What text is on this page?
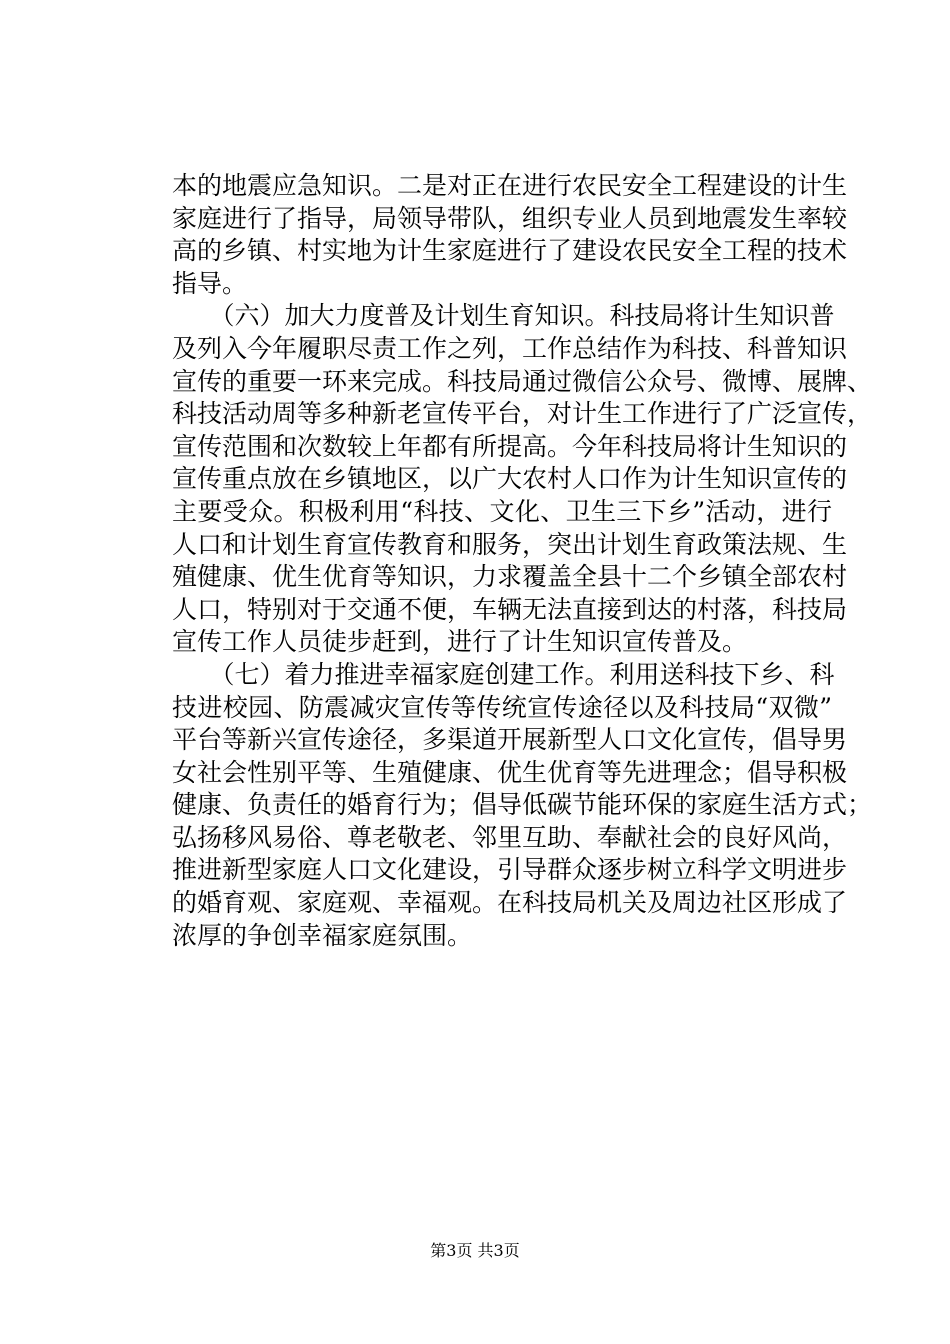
本的地震应急知识。二是对正在进行农民安全工程建设的计生
家庭进行了指导，局领导带队，组织专业人员到地震发生率较
高的乡镇、村实地为计生家庭进行了建设农民安全工程的技术
指导。
　　（六）加大力度普及计划生育知识。科技局将计生知识普
及列入今年履职尽责工作之列，工作总结作为科技、科普知识
宣传的重要一环来完成。科技局通过微信公众号、微博、展牌、
科技活动周等多种新老宣传平台，对计生工作进行了广泛宣传，
宣传范围和次数较上年都有所提高。今年科技局将计生知识的
宣传重点放在乡镇地区，以广大农村人口作为计生知识宣传的
主要受众。积极利用“科技、文化、卫生三下乡”活动，进行
人口和计划生育宣传教育和服务，突出计划生育政策法规、生
殖健康、优生优育等知识，力求覆盖全县十二个乡镇全部农村
人口，特别对于交通不便，车辆无法直接到达的村落，科技局
宣传工作人员徒步赶到，进行了计生知识宣传普及。
　　（七）着力推进幸福家庭创建工作。利用送科技下乡、科
技进校园、防震减灾宣传等传统宣传途径以及科技局“双微”
平台等新兴宣传途径，多渠道开展新型人口文化宣传，倡导男
女社会性别平等、生殖健康、优生优育等先进理念；倡导积极
健康、负责任的婚育行为；倡导低碳节能环保的家庭生活方式；
弘扬移风易俗、尊老敬老、邻里互助、奉献社会的良好风尚，
推进新型家庭人口文化建设，引导群众逐步树立科学文明进步
的婚育观、家庭观、幸福观。在科技局机关及周边社区形成了
浓厚的争创幸福家庭氛围。
第3页 共3页
